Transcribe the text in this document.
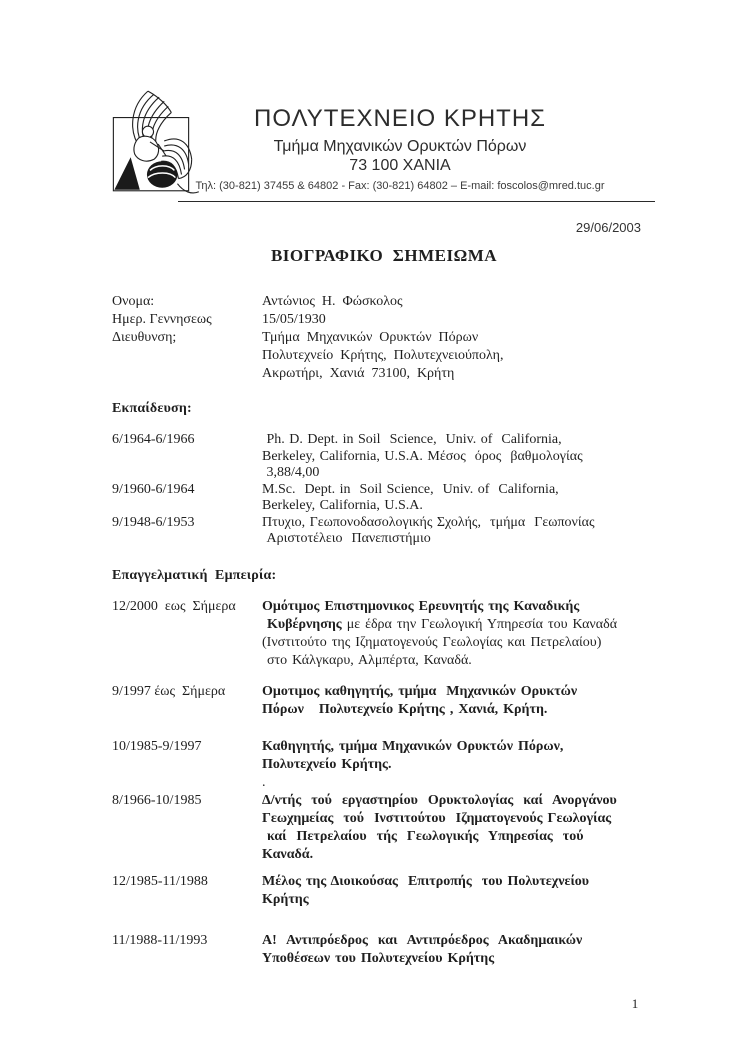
ΠΟΛΥΤΕΧΝΕΙΟ ΚΡΗΤΗΣ
Τμήμα Μηχανικών Ορυκτών Πόρων
73 100 ΧΑΝΙΑ
Τηλ: (30-821) 37455 & 64802 - Fax: (30-821) 64802 – E-mail: foscolos@mred.tuc.gr
29/06/2003
ΒΙΟΓΡΑΦΙΚΟ  ΣΗΜΕΙΩΜΑ
Ονομα:	Αντώνιος  Η.  Φώσκολος
Ημερ. Γεννησεως	15/05/1930
Διευθυνση;	Τμήμα  Μηχανικών  Ορυκτών  Πόρων
Πολυτεχνείο  Κρήτης,  Πολυτεχνειούπολη,
Ακρωτήρι,  Χανιά  73100,  Κρήτη
Εκπαίδευση:
6/1964-6/1966	Ph. D. Dept. in Soil  Science,  Univ. of  California,
Berkeley, California, U.S.A. Μέσος  όρος  βαθμολογίας
3,88/4,00
9/1960-6/1964	M.Sc.  Dept. in  Soil Science,  Univ. of  California,
Berkeley, California, U.S.A.
9/1948-6/1953	Πτυχιο, Γεωπονοδασολογικής Σχολής,  τμήμα  Γεωπονίας
Αριστοτέλειο  Πανεπιστήμιο
Επαγγελματική  Εμπειρία:
12/2000  εως  Σήμερα	Ομότιμος Επιστημονικος Ερευνητής της Καναδικής
Κυβέρνησης με έδρα την Γεωλογική Υπηρεσία του Καναδά
(Ινστιτούτο της Ιζηματογενούς Γεωλογίας και Πετρελαίου)
στο Κάλγκαρυ, Αλμπέρτα, Καναδά.
9/1997 έως  Σήμερα	Ομοτιμος καθηγητής, τμήμα  Μηχανικών Ορυκτών
Πόρων   Πολυτεχνείο Κρήτης , Χανιά, Κρήτη.
10/1985-9/1997	Καθηγητής, τμήμα Μηχανικών Ορυκτών Πόρων,
Πολυτεχνείο Κρήτης.
.
8/1966-10/1985	Δ/ντής  τού  εργαστηρίου  Ορυκτολογίας  καί  Ανοργάνου
Γεωχημείας  τού  Ινστιτούτου  Ιζηματογενούς Γεωλογίας
καί  Πετρελαίου  τής  Γεωλογικής  Υπηρεσίας  τού
Καναδά.
12/1985-11/1988	Μέλος της Διοικούσας  Επιτροπής  του Πολυτεχνείου
Κρήτης
11/1988-11/1993	Α!  Αντιπρόεδρος  και  Αντιπρόεδρος  Ακαδημαικών
Υποθέσεων του Πολυτεχνείου Κρήτης
1
